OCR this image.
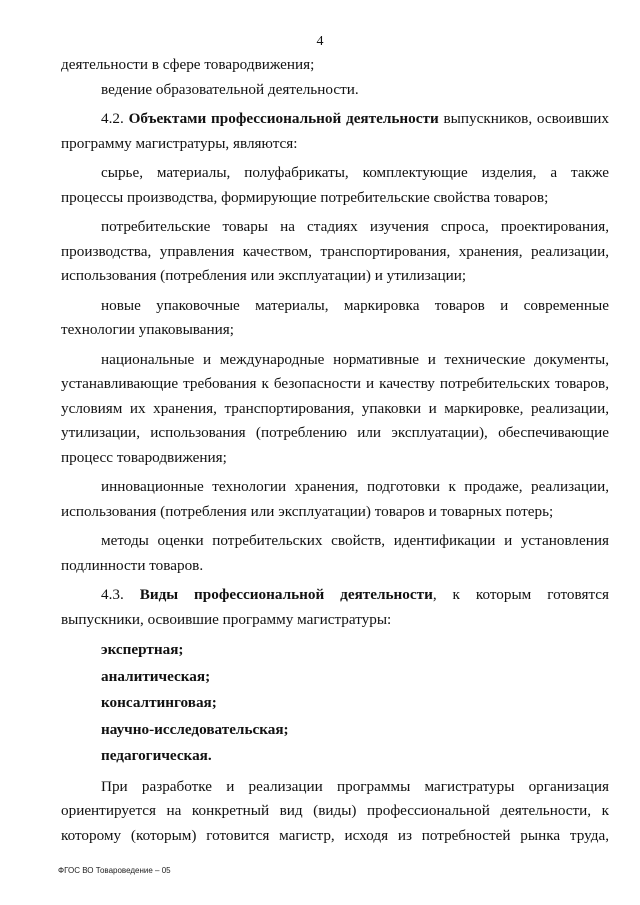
4

деятельности в сфере товародвижения;

ведение образовательной деятельности.

4.2. Объектами профессиональной деятельности выпускников, освоивших программу магистратуры, являются:

сырье, материалы, полуфабрикаты, комплектующие изделия, а также процессы производства, формирующие потребительские свойства товаров;

потребительские товары на стадиях изучения спроса, проектирования, производства, управления качеством, транспортирования, хранения, реализации, использования (потребления или эксплуатации) и утилизации;

новые упаковочные материалы, маркировка товаров и современные технологии упаковывания;

национальные и международные нормативные и технические документы, устанавливающие требования к безопасности и качеству потребительских товаров, условиям их хранения, транспортирования, упаковки и маркировке, реализации, утилизации, использования (потреблению или эксплуатации), обеспечивающие процесс товародвижения;

инновационные технологии хранения, подготовки к продаже, реализации, использования (потребления или эксплуатации) товаров и товарных потерь;

методы оценки потребительских свойств, идентификации и установления подлинности товаров.

4.3. Виды профессиональной деятельности, к которым готовятся выпускники, освоившие программу магистратуры:

экспертная;

аналитическая;

консалтинговая;

научно-исследовательская;

педагогическая.

При разработке и реализации программы магистратуры организация ориентируется на конкретный вид (виды) профессиональной деятельности, к которому (которым) готовится магистр, исходя из потребностей рынка труда,

ФГОС ВО Товароведение – 05
